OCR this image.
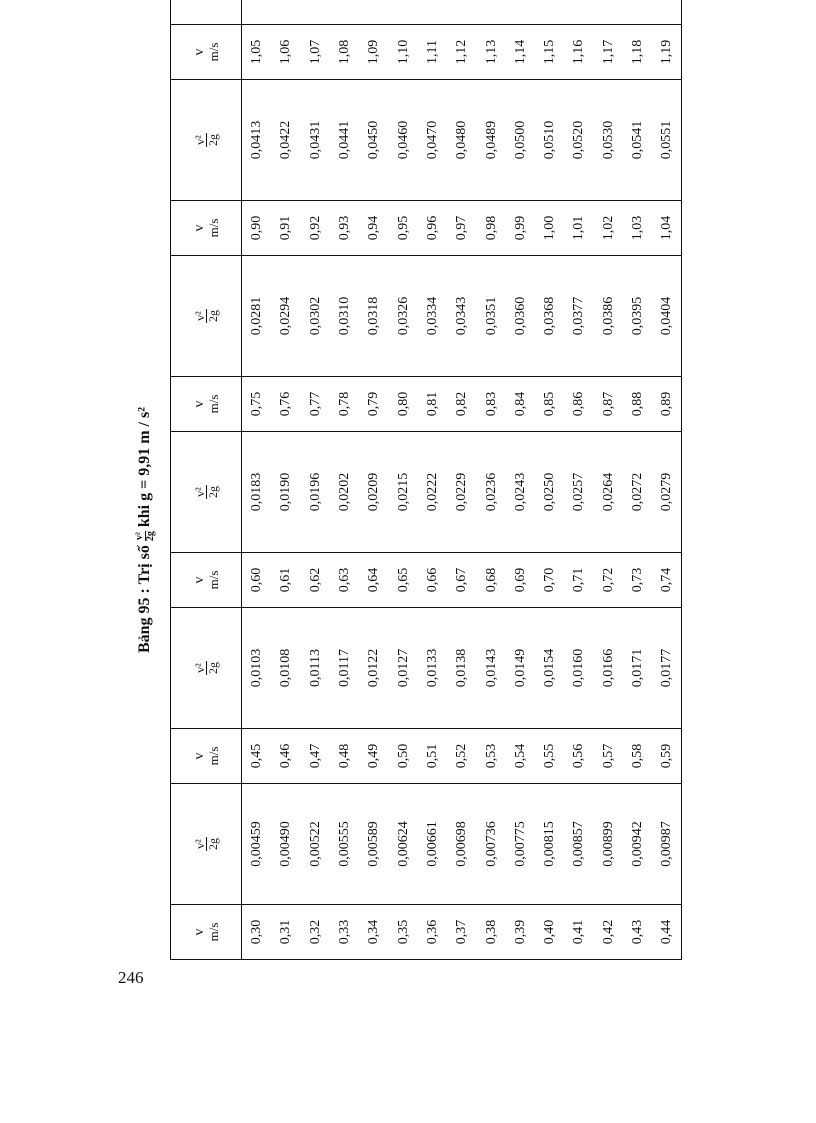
246
Bảng 95 : Trị số
v² 2g
khi g = 9,91 m / s²
v m/s	v² 2g	v m/s	v² 2g	v m/s	v² 2g	v m/s	v² 2g	v m/s	v² 2g	v m/s

0,30	0,00459	0,45	0,0103	0,60	0,0183	0,75	0,0281	0,90	0,0413	1,05	
0,31	0,00490	0,46	0,0108	0,61	0,0190	0,76	0,0294	0,91	0,0422	1,06	
0,32	0,00522	0,47	0,0113	0,62	0,0196	0,77	0,0302	0,92	0,0431	1,07	
0,33	0,00555	0,48	0,0117	0,63	0,0202	0,78	0,0310	0,93	0,0441	1,08	
0,34	0,00589	0,49	0,0122	0,64	0,0209	0,79	0,0318	0,94	0,0450	1,09	
0,35	0,00624	0,50	0,0127	0,65	0,0215	0,80	0,0326	0,95	0,0460	1,10	
0,36	0,00661	0,51	0,0133	0,66	0,0222	0,81	0,0334	0,96	0,0470	1,11	
0,37	0,00698	0,52	0,0138	0,67	0,0229	0,82	0,0343	0,97	0,0480	1,12	
0,38	0,00736	0,53	0,0143	0,68	0,0236	0,83	0,0351	0,98	0,0489	1,13	
0,39	0,00775	0,54	0,0149	0,69	0,0243	0,84	0,0360	0,99	0,0500	1,14	
0,40	0,00815	0,55	0,0154	0,70	0,0250	0,85	0,0368	1,00	0,0510	1,15	
0,41	0,00857	0,56	0,0160	0,71	0,0257	0,86	0,0377	1,01	0,0520	1,16	
0,42	0,00899	0,57	0,0166	0,72	0,0264	0,87	0,0386	1,02	0,0530	1,17	
0,43	0,00942	0,58	0,0171	0,73	0,0272	0,88	0,0395	1,03	0,0541	1,18	
0,44	0,00987	0,59	0,0177	0,74	0,0279	0,89	0,0404	1,04	0,0551	1,19	
